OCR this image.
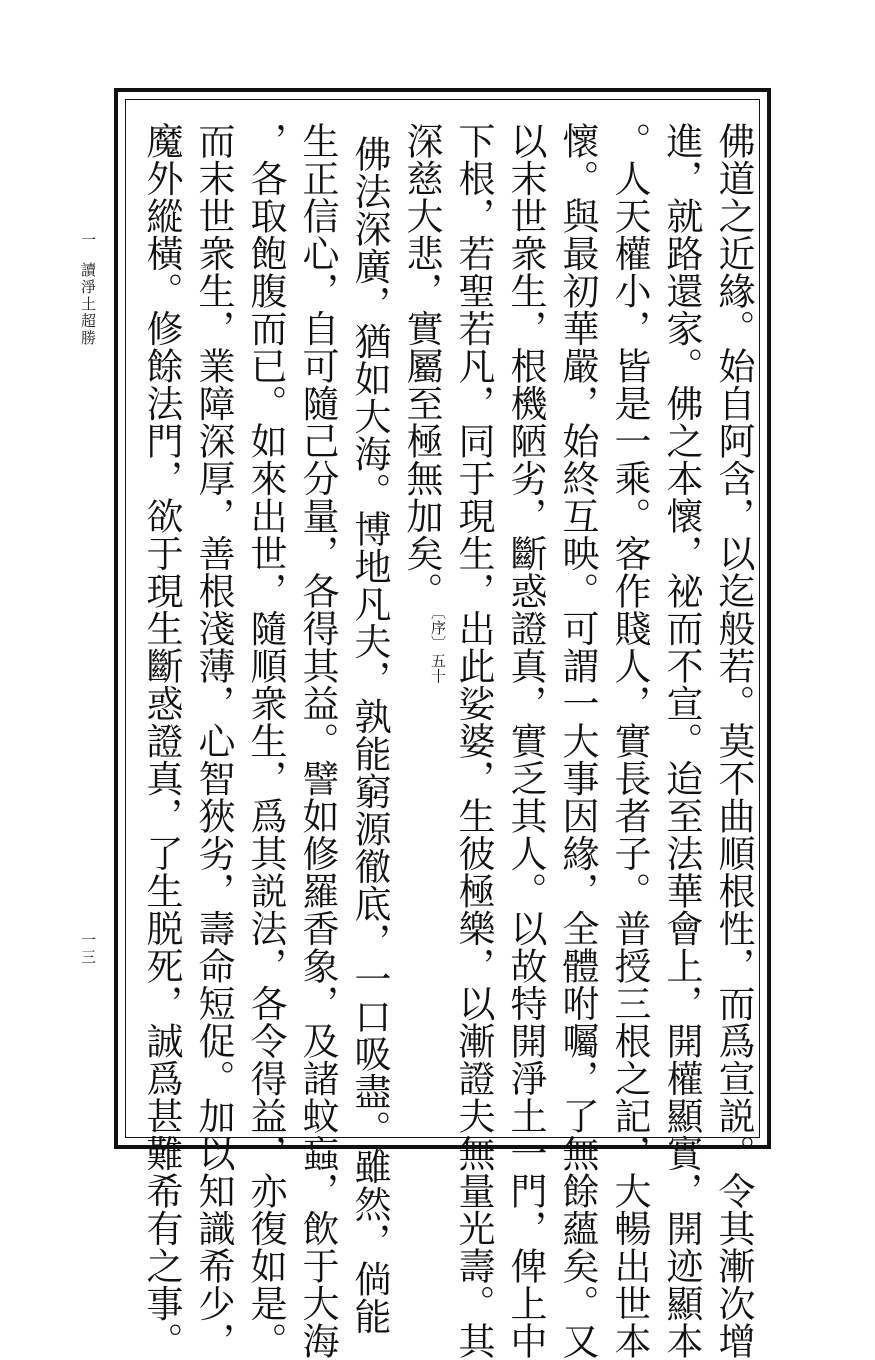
一
讀淨土超勝
一三	佛道之近緣。始自阿含，以迄般若。莫不曲順根性，而爲宣説。令其漸次增
進，就路還家。佛之本懷，祕而不宣。迨至法華會上，開權顯實，開迹顯本
。人天權小，皆是一乘。客作賤人，實長者子。普授三根之記，大暢出世本
懷。與最初華嚴，始終互映。可謂一大事因緣，全體咐囑，了無餘蘊矣。又
以末世衆生，根機陋劣，斷惑證真，實乏其人。以故特開淨土一門，俾上中
下根，若聖若凡，同于現生，出此娑婆，生彼極樂，以漸證夫無量光壽。其
深慈大悲，實屬至極無加矣。$^{〔序〕五十}$
佛法深廣，猶如大海。博地凡夫，孰能窮源徹底，一口吸盡。雖然，倘能
生正信心，自可隨己分量，各得其益。譬如修羅香象，及諸蚊蝱，飲于大海
，各取飽腹而已。如來出世，隨順衆生，爲其説法，各令得益，亦復如是。
而末世衆生，業障深厚，善根淺薄，心智狹劣，壽命短促。加以知識希少，
魔外縱橫。修餘法門，欲于現生斷惑證真，了生脱死，誠爲甚難希有之事。
